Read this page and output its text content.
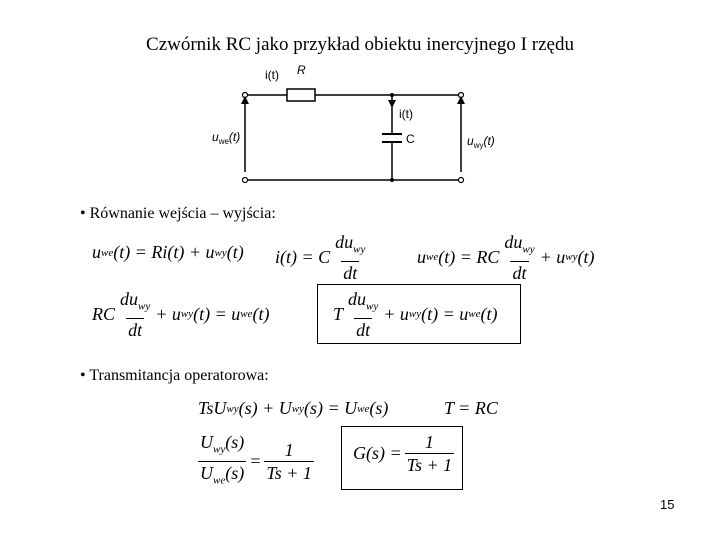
Czwórnik RC jako przykład obiektu inercyjnego I rzędu
i(t) R
i(t)
C
$u_{we}(t)$	$u_{wy}(t)$
• Równanie wejścia – wyjścia:
u we (t) = Ri(t) + u wy (t) i(t) = C $\frac{du_{wy}}{dt}$	u we (t) = RC $\frac{du_{wy}}{dt} + u$ wy (t)
RC $\frac{du_{wy}}{dt} + u$ wy (t) = u we (t)	T $\frac{du_{wy}}{dt} + u$ wy (t) = u we (t)
• Transmitancja operatorowa:
TsU wy (s) + U wy (s) = U we (s)	T = RC
$\frac{U_{wy}(s)}{U_{we}(s)} = \frac{1}{Ts + 1} G(s) = \frac{1}{Ts + 1}$
15
